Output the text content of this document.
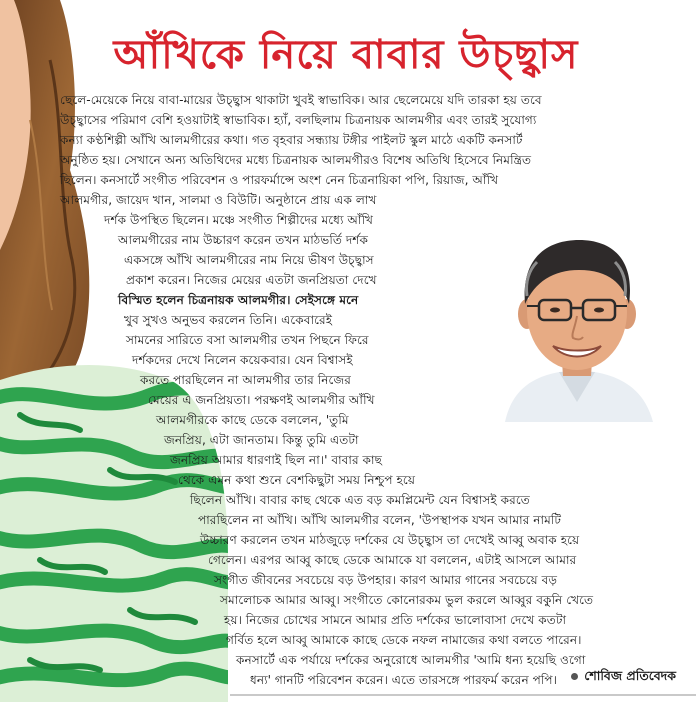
আঁখিকে নিয়ে বাবার উচ্ছ্বাস
ছেলে-মেয়েকে নিয়ে বাবা-মায়ের উচ্ছ্বাস থাকাটা খুবই স্বাভাবিক। আর ছেলেমেয়ে যদি তারকা হয় তবে
উচ্ছ্বাসের পরিমাণ বেশি হওয়াটাই স্বাভাবিক। হ্যাঁ, বলছিলাম চিত্রনায়ক আলমগীর এবং তারই সুযোগ্য
কন্যা কণ্ঠশিল্পী আঁখি আলমগীরের কথা। গত বৃহবার সন্ধ্যায় টঙ্গীর পাইলট স্কুল মাঠে একটি কনসার্ট
অনুষ্ঠিত হয়। সেখানে অন্য অতিথিদের মধ্যে চিত্রনায়ক আলমগীরও বিশেষ অতিথি হিসেবে নিমন্ত্রিত
ছিলেন। কনসার্টে সংগীত পরিবেশন ও পারফর্মান্সে অংশ নেন চিত্রনায়িকা পপি, রিয়াজ, আঁখি
আলমগীর, জায়েদ খান, সালমা ও বিউটি। অনুষ্ঠানে প্রায় এক লাখ
দর্শক উপস্থিত ছিলেন। মঞ্চে সংগীত শিল্পীদের মধ্যে আঁখি
আলমগীরের নাম উচ্চারণ করেন তখন মাঠভর্তি দর্শক
একসঙ্গে আঁখি আলমগীরের নাম নিয়ে ভীষণ উচ্ছ্বাস
প্রকাশ করেন। নিজের মেয়ের এতটা জনপ্রিয়তা দেখে
বিস্মিত হলেন চিত্রনায়ক আলমগীর। সেইসঙ্গে মনে
খুব সুখও অনুভব করলেন তিনি। একেবারেই
সামনের সারিতে বসা আলমগীর তখন পিছনে ফিরে
দর্শকদের দেখে নিলেন কয়েকবার। যেন বিশ্বাসই
করতে পারছিলেন না আলমগীর তার নিজের
মেয়ের এ জনপ্রিয়তা। পরক্ষণই আলমগীর আঁখি
আলমগীরকে কাছে ডেকে বললেন, 'তুমি
জনপ্রিয়, এটা জানতাম। কিন্তু তুমি এতটা
জনপ্রিয় আমার ধারণাই ছিল না।' বাবার কাছ
থেকে এমন কথা শুনে বেশকিছুটা সময় নিশ্চুপ হয়ে
ছিলেন আঁখি। বাবার কাছ থেকে এত বড় কমপ্লিমেন্ট যেন বিশ্বাসই করতে
পারছিলেন না আঁখি। আঁখি আলমগীর বলেন, 'উপস্থাপক যখন আমার নামটি
উচ্চারণ করলেন তখন মাঠজুড়ে দর্শকের যে উচ্ছ্বাস তা দেখেই আব্বু অবাক হয়ে
গেলেন। এরপর আব্বু কাছে ডেকে আমাকে যা বললেন, এটাই আসলে আমার
সংগীত জীবনের সবচেয়ে বড় উপহার। কারণ আমার গানের সবচেয়ে বড়
সমালোচক আমার আব্বু। সংগীতে কোনোরকম ভুল করলে আব্বুর বকুনি খেতে
হয়। নিজের চোখের সামনে আমার প্রতি দর্শকের ভালোবাসা দেখে কতটা
গর্বিত হলে আব্বু আমাকে কাছে ডেকে নফল নামাজের কথা বলতে পারেন।
কনসার্টে এক পর্যায়ে দর্শকের অনুরোধে আলমগীর 'আমি ধন্য হয়েছি ওগো
ধন্য' গানটি পরিবেশন করেন। এতে তারসঙ্গে পারফর্ম করেন পপি।	শোবিজ প্রতিবেদক
